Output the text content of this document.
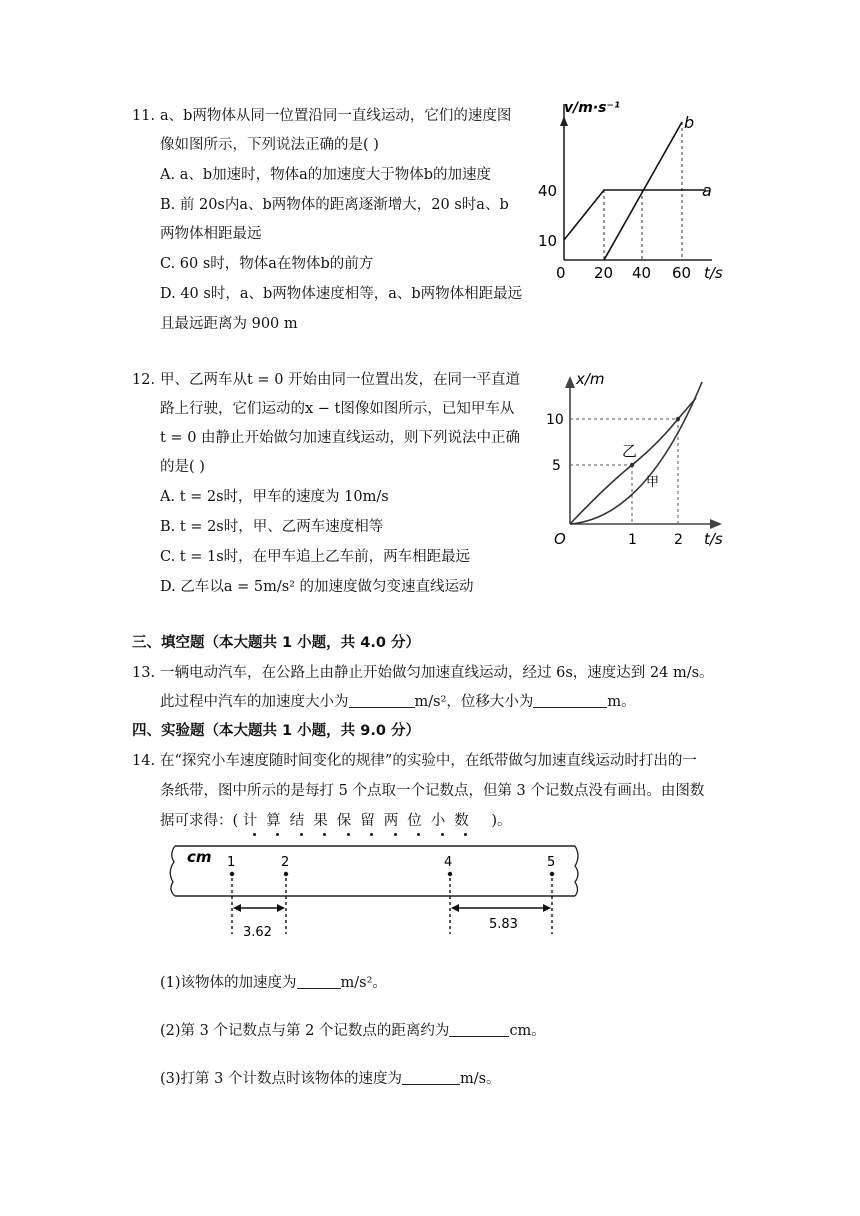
11. a、b两物体从同一位置沿同一直线运动，它们的速度图
像如图所示，下列说法正确的是( )
A. a、b加速时，物体a的加速度大于物体b的加速度
B. 前 20s内a、b两物体的距离逐渐增大，20 s时a、b
两物体相距最远
C. 60 s时，物体a在物体b的前方
D. 40 s时，a、b两物体速度相等，a、b两物体相距最远
且最远距离为 900 m
v/m·s⁻¹
40
10
0 20 40 60 t/s
a
b
12. 甲、乙两车从t = 0 开始由同一位置出发，在同一平直道
路上行驶，它们运动的x − t图像如图所示，已知甲车从
t = 0 由静止开始做匀加速直线运动，则下列说法中正确
的是( )
A. t = 2s时，甲车的速度为 10m/s
B. t = 2s时，甲、乙两车速度相等
C. t = 1s时，在甲车追上乙车前，两车相距最远
D. 乙车以a = 5m/s² 的加速度做匀变速直线运动
x/m
10
5
O	1	2 t/s
乙
甲
三、填空题（本大题共 1 小题，共 4.0 分）
13. 一辆电动汽车，在公路上由静止开始做匀加速直线运动，经过 6s，速度达到 24 m/s。
此过程中汽车的加速度大小为	m/s²，位移大小为	m。
四、实验题（本大题共 1 小题，共 9.0 分）
14. 在“探究小车速度随时间变化的规律”的实验中，在纸带做匀加速直线运动时打出的一
条纸带，图中所示的是每打 5 个点取一个记数点，但第 3 个记数点没有画出。由图数
据可求得：( 计算结果保留两位小数 )。
cm 1	2	4	5
3.62
5.83
(1)该物体的加速度为	m/s²。
(2)第 3 个记数点与第 2 个记数点的距离约为	cm。
(3)打第 3 个计数点时该物体的速度为	m/s。
